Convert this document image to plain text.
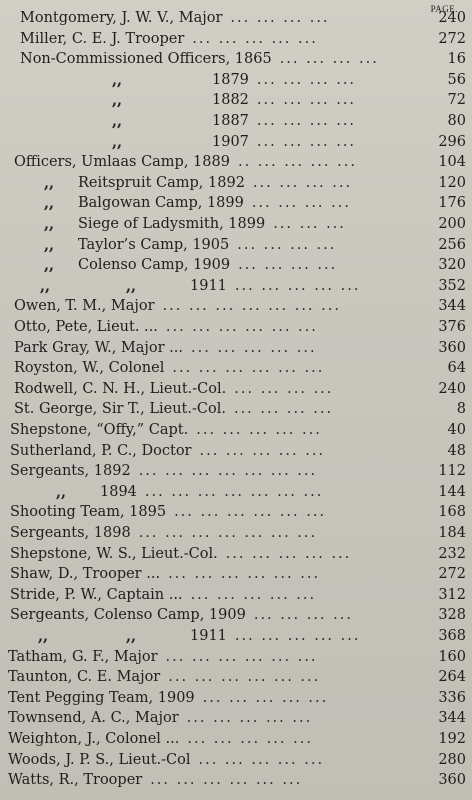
PAGE.
Montgomery, J. W. V., Major ... ... ... ...	240
Miller, C. E. J. Trooper ... ... ... ... ...	272
Non-Commissioned Officers, 1865 ... ... ... ...	16
,,	1879 ... ... ... ...	56
,,	1882 ... ... ... ...	72
,,	1887 ... ... ... ...	80
,,	1907 ... ... ... ...	296
Officers, Umlaas Camp, 1889 .. ... ... ... ...	104
,, Reitspruit Camp, 1892 ... ... ... ...	120
,, Balgowan Camp, 1899 ... ... ... ...	176
,, Siege of Ladysmith, 1899 ... ... ...	200
,, Taylor’s Camp, 1905 ... ... ... ...	256
,, Colenso Camp, 1909 ... ... ... ...	320
,,	,,	1911 ... ... ... ... ...	352
Owen, T. M., Major ... ... ... ... ... ... ...	344
Otto, Pete, Lieut. ... ... ... ... ... ... ...	376
Park Gray, W., Major ... ... ... ... ... ...	360
Royston, W., Colonel ... ... ... ... ... ...	64
Rodwell, C. N. H., Lieut.-Col. ... ... ... ...	240
St. George, Sir T., Lieut.-Col. ... ... ... ...	8
Shepstone, “Offy,” Capt. ... ... ... ... ...	40
Sutherland, P. C., Doctor ... ... ... ... ...	48
Sergeants, 1892 ... ... ... ... ... ... ...	112
,, 1894 ... ... ... ... ... ... ...	144
Shooting Team, 1895 ... ... ... ... ... ...	168
Sergeants, 1898 ... ... ... ... ... ... ...	184
Shepstone, W. S., Lieut.-Col. ... ... ... ... ...	232
Shaw, D., Trooper ... ... ... ... ... ... ...	272
Stride, P. W., Captain ... ... ... ... ... ...	312
Sergeants, Colenso Camp, 1909 ... ... ... ...	328
,,	,,	1911 ... ... ... ... ...	368
Tatham, G. F., Major ... ... ... ... ... ...	160
Taunton, C. E. Major ... ... ... ... ... ...	264
Tent Pegging Team, 1909 ... ... ... ... ...	336
Townsend, A. C., Major ... ... ... ... ...	344
Weighton, J., Colonel ... ... ... ... ... ...	192
Woods, J. P. S., Lieut.-Col ... ... ... ... ...	280
Watts, R., Trooper ... ... ... ... ... ...	360
